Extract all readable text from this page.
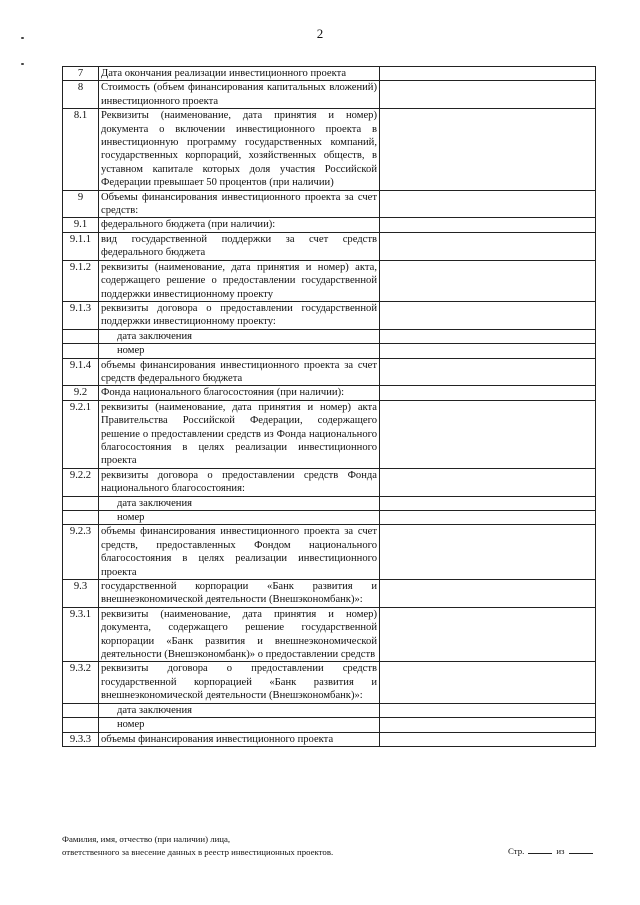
2
7	Дата окончания реализации инвестиционного проекта	
8	Стоимость (объем финансирования капитальных вложений) инвестиционного проекта	
8.1	Реквизиты (наименование, дата принятия и номер) документа о включении инвестиционного проекта в инвестиционную программу государственных компаний, государственных корпораций, хозяйственных обществ, в уставном капитале которых доля участия Российской Федерации превышает 50 процентов (при наличии)	
9	Объемы финансирования инвестиционного проекта за счет средств:	
9.1	федерального бюджета (при наличии):	
9.1.1	вид государственной поддержки за счет средств федерального бюджета	
9.1.2	реквизиты (наименование, дата принятия и номер) акта, содержащего решение о предоставлении государственной поддержки инвестиционному проекту	
9.1.3	реквизиты договора о предоставлении государственной поддержки инвестиционному проекту:	
	дата заключения	
	номер	
9.1.4	объемы финансирования инвестиционного проекта за счет средств федерального бюджета	
9.2	Фонда национального благосостояния (при наличии):	
9.2.1	реквизиты (наименование, дата принятия и номер) акта Правительства Российской Федерации, содержащего решение о предоставлении средств из Фонда национального благосостояния в целях реализации инвестиционного проекта	
9.2.2	реквизиты договора о предоставлении средств Фонда национального благосостояния:	
	дата заключения	
	номер	
9.2.3	объемы финансирования инвестиционного проекта за счет средств, предоставленных Фондом национального благосостояния в целях реализации инвестиционного проекта	
9.3	государственной корпорации «Банк развития и внешнеэкономической деятельности (Внешэкономбанк)»:	
9.3.1	реквизиты (наименование, дата принятия и номер) документа, содержащего решение государственной корпорации «Банк развития и внешнеэкономической деятельности (Внешэкономбанк)» о предоставлении средств	
9.3.2	реквизиты договора о предоставлении средств государственной корпорацией «Банк развития и внешнеэкономической деятельности (Внешэкономбанк)»:	
	дата заключения	
	номер	
9.3.3	объемы финансирования инвестиционного проекта	
Фамилия, имя, отчество (при наличии) лица,
ответственного за внесение данных в реестр инвестиционных проектов.	Стр.	из
